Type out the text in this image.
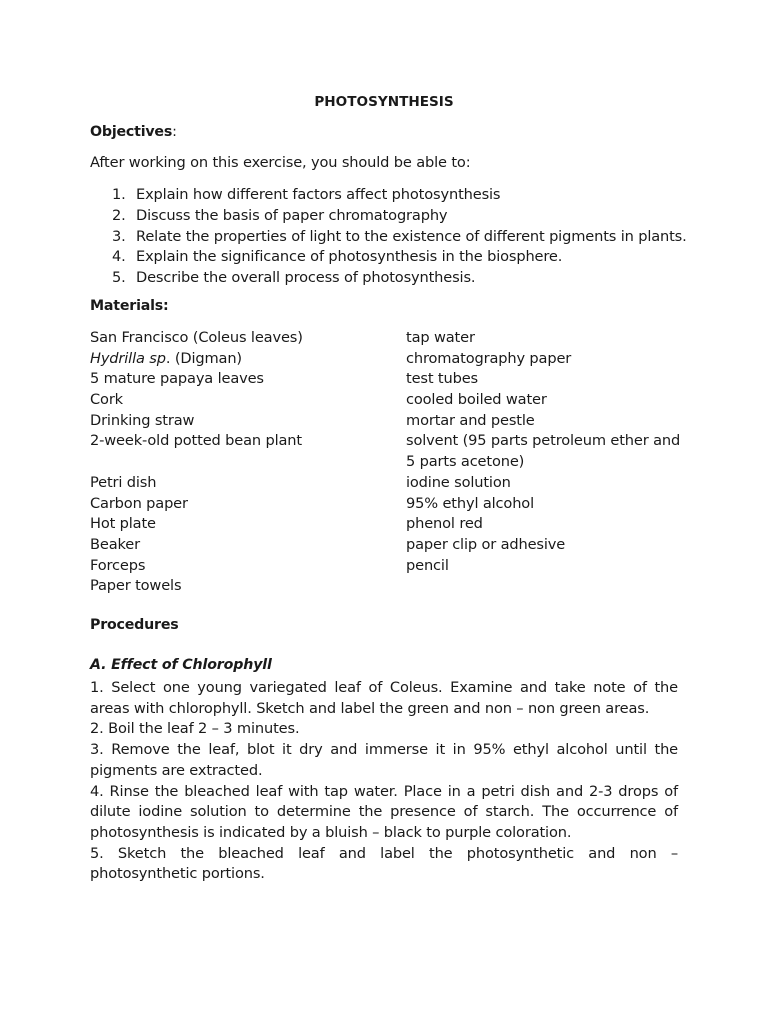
PHOTOSYNTHESIS
Objectives:
After working on this exercise, you should be able to:
1. Explain how different factors affect photosynthesis
2. Discuss the basis of paper chromatography
3. Relate the properties of light to the existence of different pigments in plants.
4. Explain the significance of photosynthesis in the biosphere.
5. Describe the overall process of photosynthesis.
Materials:
San Francisco (Coleus leaves)
Hydrilla sp. (Digman)
5 mature papaya leaves
Cork
Drinking straw
2-week-old potted bean plant
Petri dish
Carbon paper
Hot plate
Beaker
Forceps
Paper towels
tap water
chromatography paper
test tubes
cooled boiled water
mortar and pestle
solvent (95 parts petroleum ether and 5 parts acetone)
iodine solution
95% ethyl alcohol
phenol red
paper clip or adhesive
pencil
Procedures
A. Effect of Chlorophyll
1. Select one young variegated leaf of Coleus. Examine and take note of the areas with chlorophyll. Sketch and label the green and non – non green areas.
2. Boil the leaf 2 – 3 minutes.
3. Remove the leaf, blot it dry and immerse it in 95% ethyl alcohol until the pigments are extracted.
4. Rinse the bleached leaf with tap water. Place in a petri dish and 2-3 drops of dilute iodine solution to determine the presence of starch. The occurrence of photosynthesis is indicated by a bluish – black to purple coloration.
5. Sketch the bleached leaf and label the photosynthetic and non – photosynthetic portions.
